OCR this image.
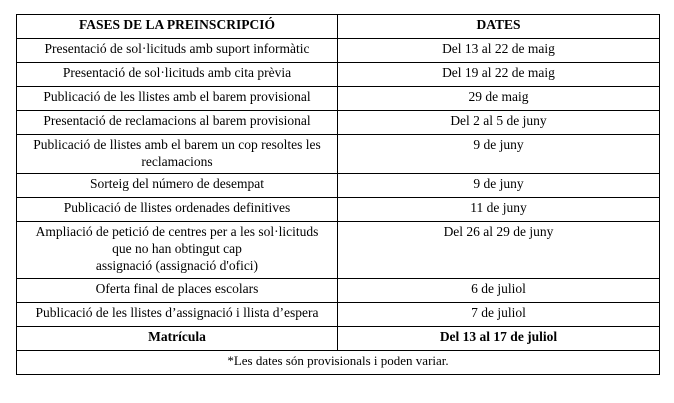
FASES DE LA PREINSCRIPCIÓ	DATES
Presentació de sol·licituds amb suport informàtic	Del 13 al 22 de maig
Presentació de sol·licituds amb cita prèvia	Del 19 al 22 de maig
Publicació de les llistes amb el barem provisional	29 de maig
Presentació de reclamacions al barem provisional	Del 2 al 5 de juny
Publicació de llistes amb el barem un cop resoltes les reclamacions	9 de juny
Sorteig del número de desempat	9 de juny
Publicació de llistes ordenades definitives	11 de juny

Ampliació de petició de centres per a les sol·licituds
que no han obtingut cap
assignació (assignació d'ofici)	Del 26 al 29 de juny
Oferta final de places escolars	6 de juliol
Publicació de les llistes d’assignació i llista d’espera	7 de juliol
Matrícula	Del 13 al 17 de juliol
*Les dates són provisionals i poden variar.	
